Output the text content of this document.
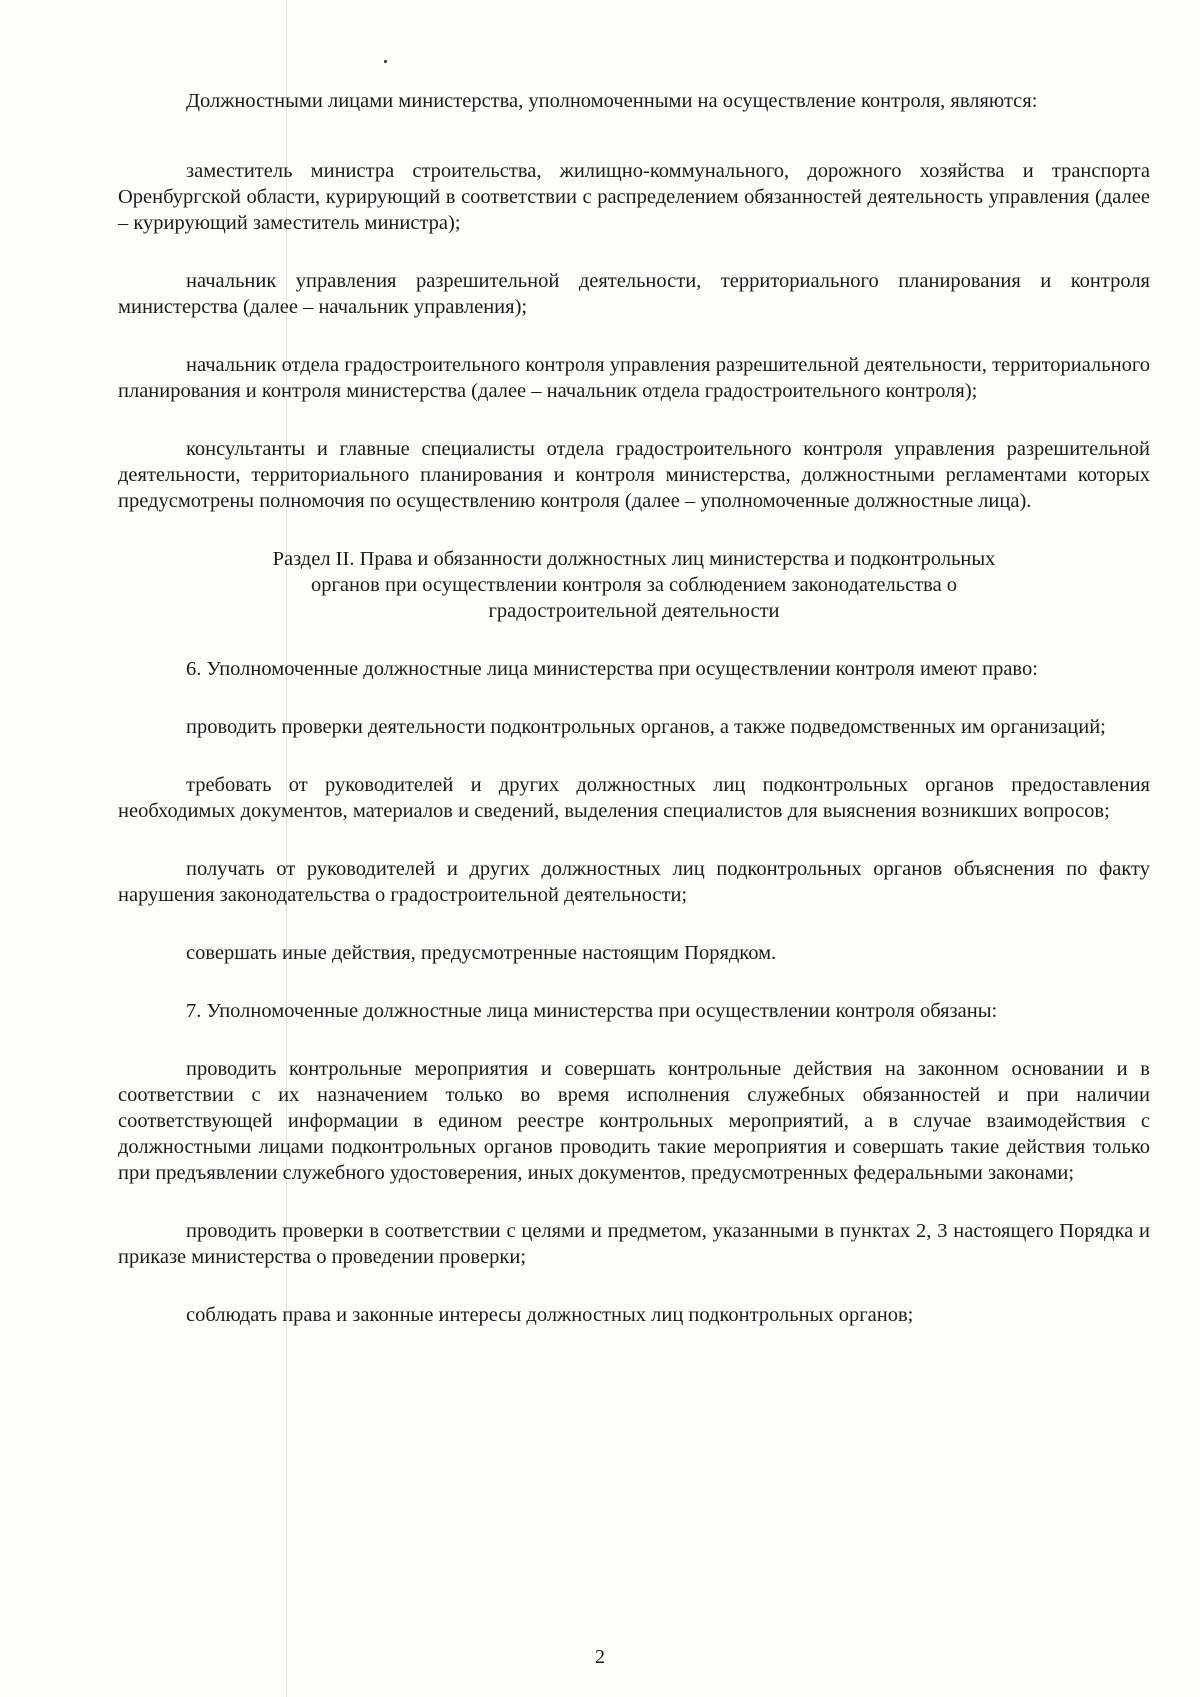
Должностными лицами министерства, уполномоченными на осуществление контроля, являются:

заместитель министра строительства, жилищно-коммунального, дорожного хозяйства и транспорта Оренбургской области, курирующий в соответствии с распределением обязанностей деятельность управления (далее – курирующий заместитель министра);

начальник управления разрешительной деятельности, территориального планирования и контроля министерства (далее – начальник управления);

начальник отдела градостроительного контроля управления разрешительной деятельности, территориального планирования и контроля министерства (далее – начальник отдела градостроительного контроля);

консультанты и главные специалисты отдела градостроительного контроля управления разрешительной деятельности, территориального планирования и контроля министерства, должностными регламентами которых предусмотрены полномочия по осуществлению контроля (далее – уполномоченные должностные лица).

Раздел II. Права и обязанности должностных лиц министерства и подконтрольных органов при осуществлении контроля за соблюдением законодательства о градостроительной деятельности

6. Уполномоченные должностные лица министерства при осуществлении контроля имеют право:

проводить проверки деятельности подконтрольных органов, а также подведомственных им организаций;

требовать от руководителей и других должностных лиц подконтрольных органов предоставления необходимых документов, материалов и сведений, выделения специалистов для выяснения возникших вопросов;

получать от руководителей и других должностных лиц подконтрольных органов объяснения по факту нарушения законодательства о градостроительной деятельности;

совершать иные действия, предусмотренные настоящим Порядком.

7. Уполномоченные должностные лица министерства при осуществлении контроля обязаны:

проводить контрольные мероприятия и совершать контрольные действия на законном основании и в соответствии с их назначением только во время исполнения служебных обязанностей и при наличии соответствующей информации в едином реестре контрольных мероприятий, а в случае взаимодействия с должностными лицами подконтрольных органов проводить такие мероприятия и совершать такие действия только при предъявлении служебного удостоверения, иных документов, предусмотренных федеральными законами;

проводить проверки в соответствии с целями и предметом, указанными в пунктах 2, 3 настоящего Порядка и приказе министерства о проведении проверки;

соблюдать права и законные интересы должностных лиц подконтрольных органов;

2
